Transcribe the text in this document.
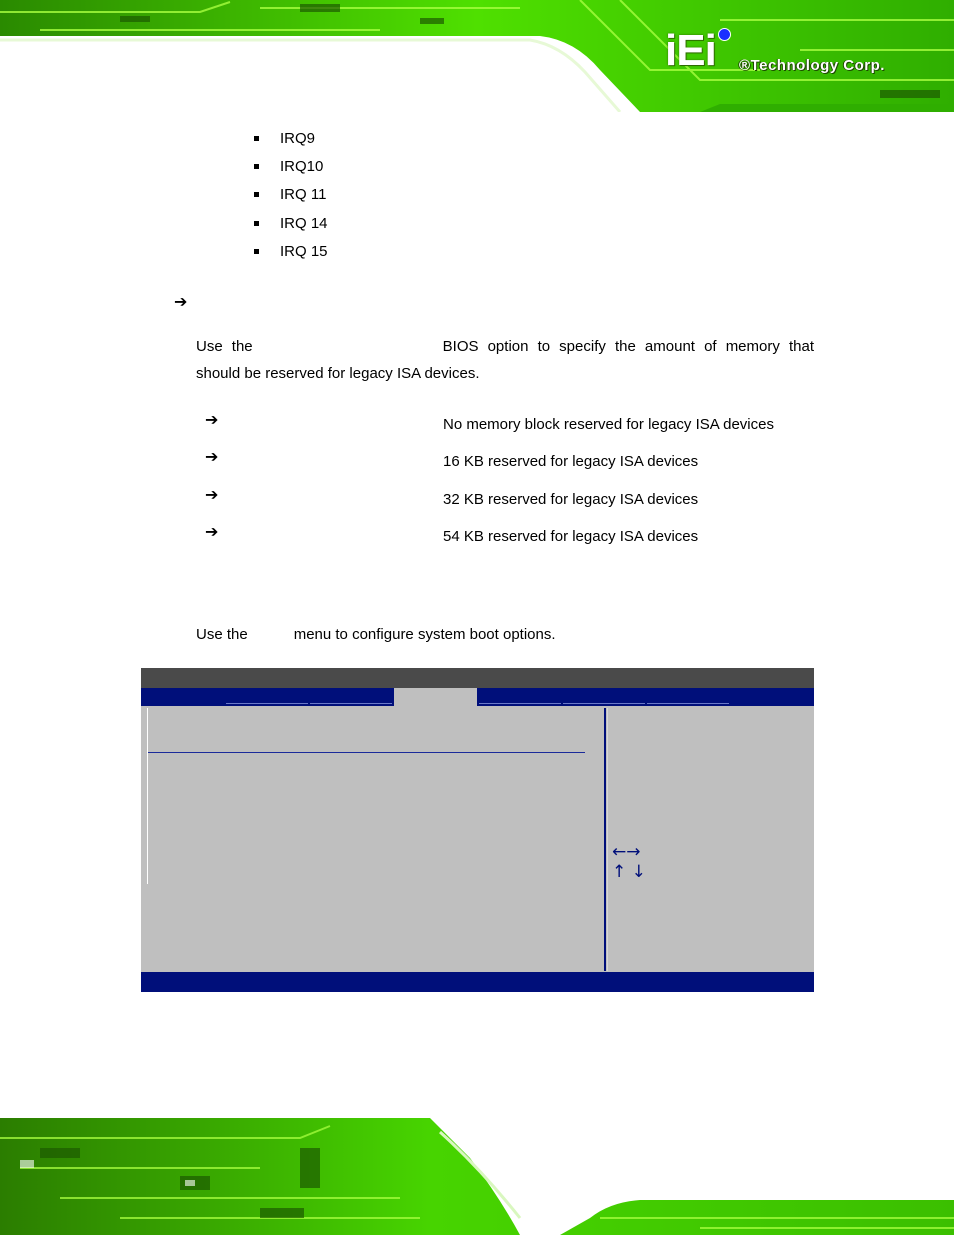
iEi ®Technology Corp.
IRQ9
IRQ10
IRQ 11
IRQ 14
IRQ 15
➔
Use the	BIOS option to specify the amount of memory that should be reserved for legacy ISA devices.
➔	No memory block reserved for legacy ISA devices
➔	16 KB reserved for legacy ISA devices
➔	32 KB reserved for legacy ISA devices
➔	54 KB reserved for legacy ISA devices
Use the	menu to configure system boot options.
←→
↑ ↓
